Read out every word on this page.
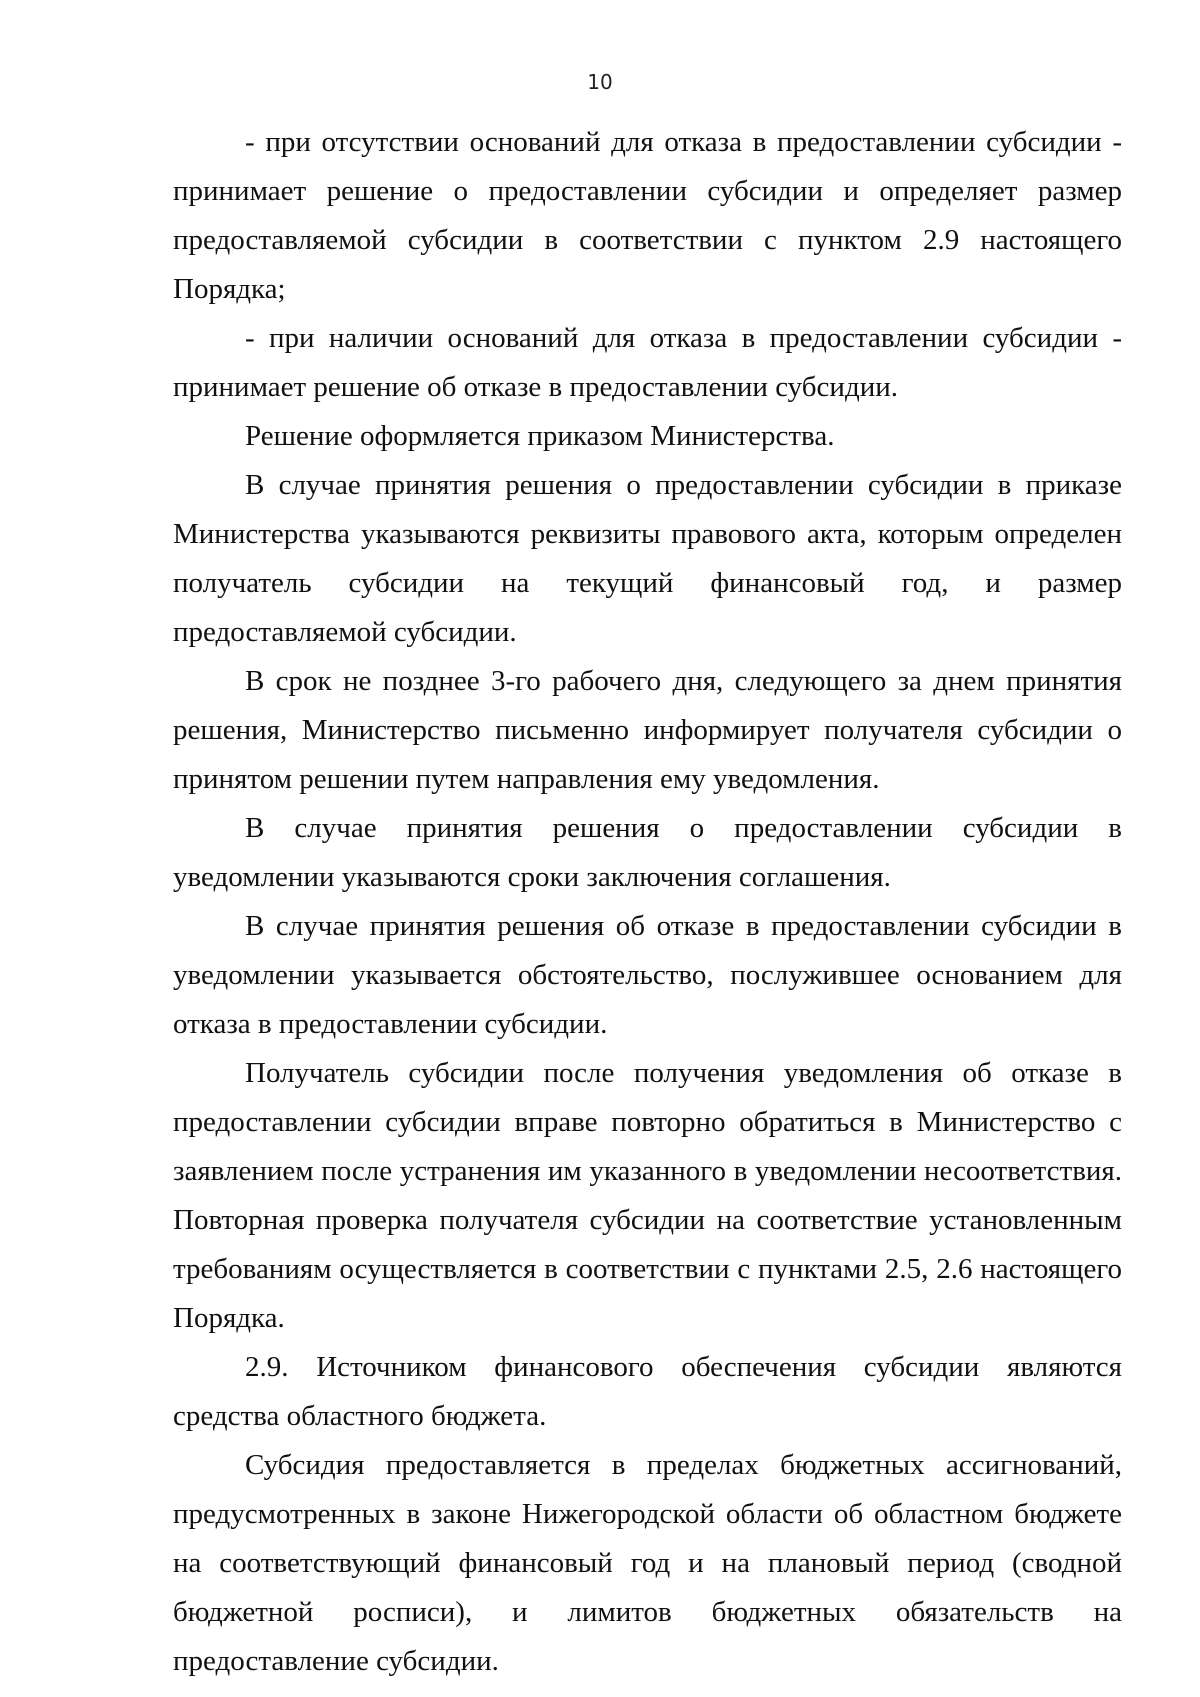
10

- при отсутствии оснований для отказа в предоставлении субсидии - принимает решение о предоставлении субсидии и определяет размер предоставляемой субсидии в соответствии с пунктом 2.9 настоящего Порядка;

- при наличии оснований для отказа в предоставлении субсидии - принимает решение об отказе в предоставлении субсидии.

Решение оформляется приказом Министерства.

В случае принятия решения о предоставлении субсидии в приказе Министерства указываются реквизиты правового акта, которым определен получатель субсидии на текущий финансовый год, и размер предоставляемой субсидии.

В срок не позднее 3-го рабочего дня, следующего за днем принятия решения, Министерство письменно информирует получателя субсидии о принятом решении путем направления ему уведомления.

В случае принятия решения о предоставлении субсидии в уведомлении указываются сроки заключения соглашения.

В случае принятия решения об отказе в предоставлении субсидии в уведомлении указывается обстоятельство, послужившее основанием для отказа в предоставлении субсидии.

Получатель субсидии после получения уведомления об отказе в предоставлении субсидии вправе повторно обратиться в Министерство с заявлением после устранения им указанного в уведомлении несоответствия. Повторная проверка получателя субсидии на соответствие установленным требованиям осуществляется в соответствии с пунктами 2.5, 2.6 настоящего Порядка.

2.9. Источником финансового обеспечения субсидии являются средства областного бюджета.

Субсидия предоставляется в пределах бюджетных ассигнований, предусмотренных в законе Нижегородской области об областном бюджете на соответствующий финансовый год и на плановый период (сводной бюджетной росписи), и лимитов бюджетных обязательств на предоставление субсидии.
